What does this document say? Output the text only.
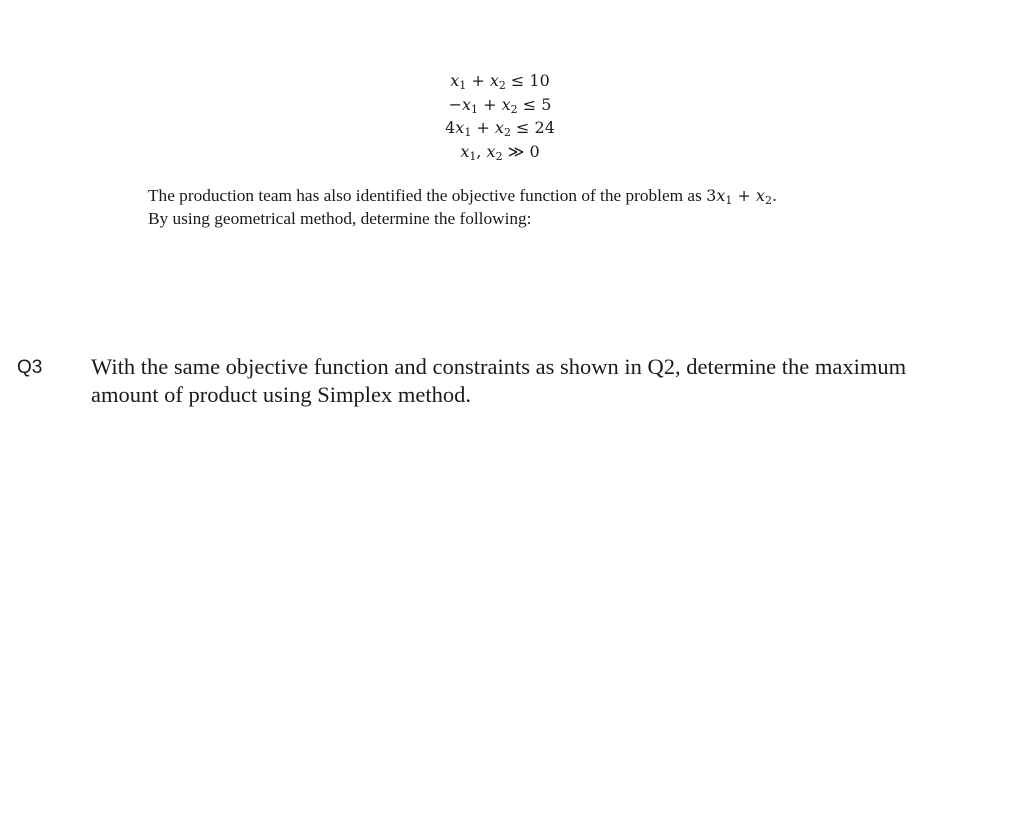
$x_1 + x_2 \le 10$
$-x_1 + x_2 \le 5$
$4x_1 + x_2 \le 24$
$x_1$, $x_2$ ≫ 0
The production team has also identified the objective function of the problem as $3x_1 + x_2$.
By using geometrical method, determine the following:
Q3 With the same objective function and constraints as shown in Q2, determine the maximum
amount of product using Simplex method.
